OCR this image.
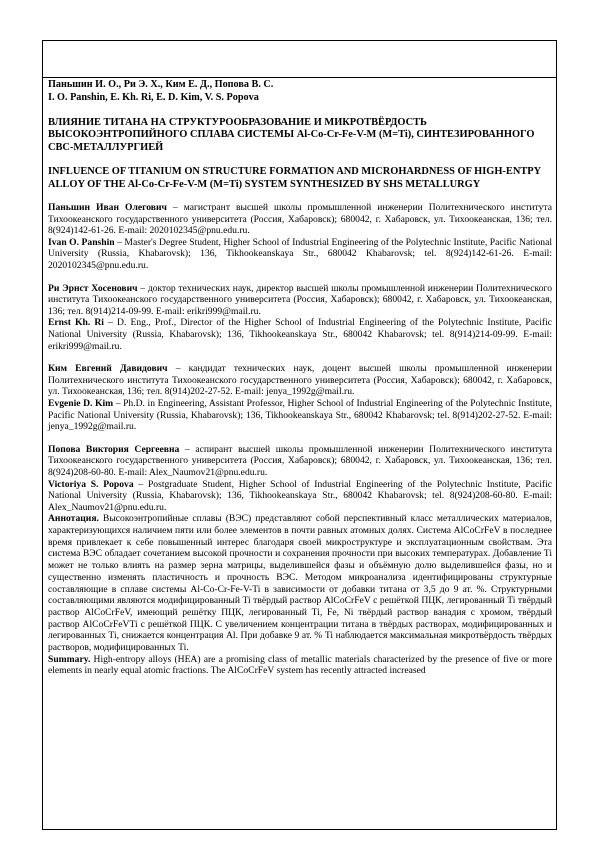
Паньшин И. О., Ри Э. Х., Ким Е. Д., Попова В. С.

I. O. Panshin, E. Kh. Ri, E. D. Kim, V. S. Popova

ВЛИЯНИЕ ТИТАНА НА СТРУКТУРООБРАЗОВАНИЕ И МИКРОТВЁРДОСТЬ ВЫСОКОЭНТРОПИЙНОГО СПЛАВА СИСТЕМЫ Al-Co-Cr-Fe-V-M (M=Ti), СИНТЕЗИРОВАННОГО СВС-МЕТАЛЛУРГИЕЙ

INFLUENCE OF TITANIUM ON STRUCTURE FORMATION AND MICROHARDNESS OF HIGH-ENTPY ALLOY OF THE Al-Co-Cr-Fe-V-M (M=Ti) SYSTEM SYNTHESIZED BY SHS METALLURGY

Паньшин Иван Олегович – магистрант высшей школы промышленной инженерии Политехнического института Тихоокеанского государственного университета (Россия, Хабаровск); 680042, г. Хабаровск, ул. Тихоокеанская, 136; тел. 8(924)142-61-26. E-mail: 2020102345@pnu.edu.ru.

Ivan O. Panshin – Master's Degree Student, Higher School of Industrial Engineering of the Polytechnic Institute, Pacific National University (Russia, Khabarovsk); 136, Tikhookeanskaya Str., 680042 Khabarovsk; tel. 8(924)142-61-26. E-mail: 2020102345@pnu.edu.ru.

Ри Эрнст Хосенович – доктор технических наук, директор высшей школы промышленной инженерии Политехнического института Тихоокеанского государственного университета (Россия, Хабаровск); 680042, г. Хабаровск, ул. Тихоокеанская, 136; тел. 8(914)214-09-99. E-mail: erikri999@mail.ru.

Ernst Kh. Ri – D. Eng., Prof., Director of the Higher School of Industrial Engineering of the Polytechnic Institute, Pacific National University (Russia, Khabarovsk); 136, Tikhookeanskaya Str., 680042 Khabarovsk; tel. 8(914)214-09-99. E-mail: erikri999@mail.ru.

Ким Евгений Давидович – кандидат технических наук, доцент высшей школы промышленной инженерии Политехнического института Тихоокеанского государственного университета (Россия, Хабаровск); 680042, г. Хабаровск, ул. Тихоокеанская, 136; тел. 8(914)202-27-52. E-mail: jenya_1992g@mail.ru.

Evgenie D. Kim – Ph.D. in Engineering, Assistant Professor, Higher School of Industrial Engineering of the Polytechnic Institute, Pacific National University (Russia, Khabarovsk); 136, Tikhookeanskaya Str., 680042 Khabarovsk; tel. 8(914)202-27-52. E-mail: jenya_1992g@mail.ru.

Попова Виктория Сергеевна – аспирант высшей школы промышленной инженерии Политехнического института Тихоокеанского государственного университета (Россия, Хабаровск); 680042, г. Хабаровск, ул. Тихоокеанская, 136; тел. 8(924)208-60-80. E-mail: Alex_Naumov21@pnu.edu.ru.

Victoriya S. Popova – Postgraduate Student, Higher School of Industrial Engineering of the Polytechnic Institute, Pacific National University (Russia, Khabarovsk); 136, Tikhookeanskaya Str., 680042 Khabarovsk; tel. 8(924)208-60-80. E-mail: Alex_Naumov21@pnu.edu.ru.

Аннотация. Высокоэнтропийные сплавы (ВЭС) представляют собой перспективный класс металлических материалов, характеризующихся наличием пяти или более элементов в почти равных атомных долях. Система AlCoCrFeV в последнее время привлекает к себе повышенный интерес благодаря своей микроструктуре и эксплуатационным свойствам. Эта система ВЭС обладает сочетанием высокой прочности и сохранения прочности при высоких температурах. Добавление Ti может не только влиять на размер зерна матрицы, выделившейся фазы и объёмную долю выделившейся фазы, но и существенно изменять пластичность и прочность ВЭС. Методом микроанализа идентифицированы структурные составляющие в сплаве системы Al-Co-Cr-Fe-V-Ti в зависимости от добавки титана от 3,5 до 9 ат. %. Структурными составляющими являются модифицированный Ti твёрдый раствор AlCoCrFeV с решёткой ПЦК, легированный Ti твёрдый раствор AlCoCrFeV, имеющий решётку ПЦК, легированный Ti, Fe, Ni твёрдый раствор ванадия с хромом, твёрдый раствор AlCoCrFeVTi с решёткой ПЦК. С увеличением концентрации титана в твёрдых растворах, модифицированных и легированных Ti, снижается концентрация Al. При добавке 9 ат. % Ti наблюдается максимальная микротвёрдость твёрдых растворов, модифицированных Ti.

Summary. High-entropy alloys (HEA) are a promising class of metallic materials characterized by the presence of five or more elements in nearly equal atomic fractions. The AlCoCrFeV system has recently attracted increased
